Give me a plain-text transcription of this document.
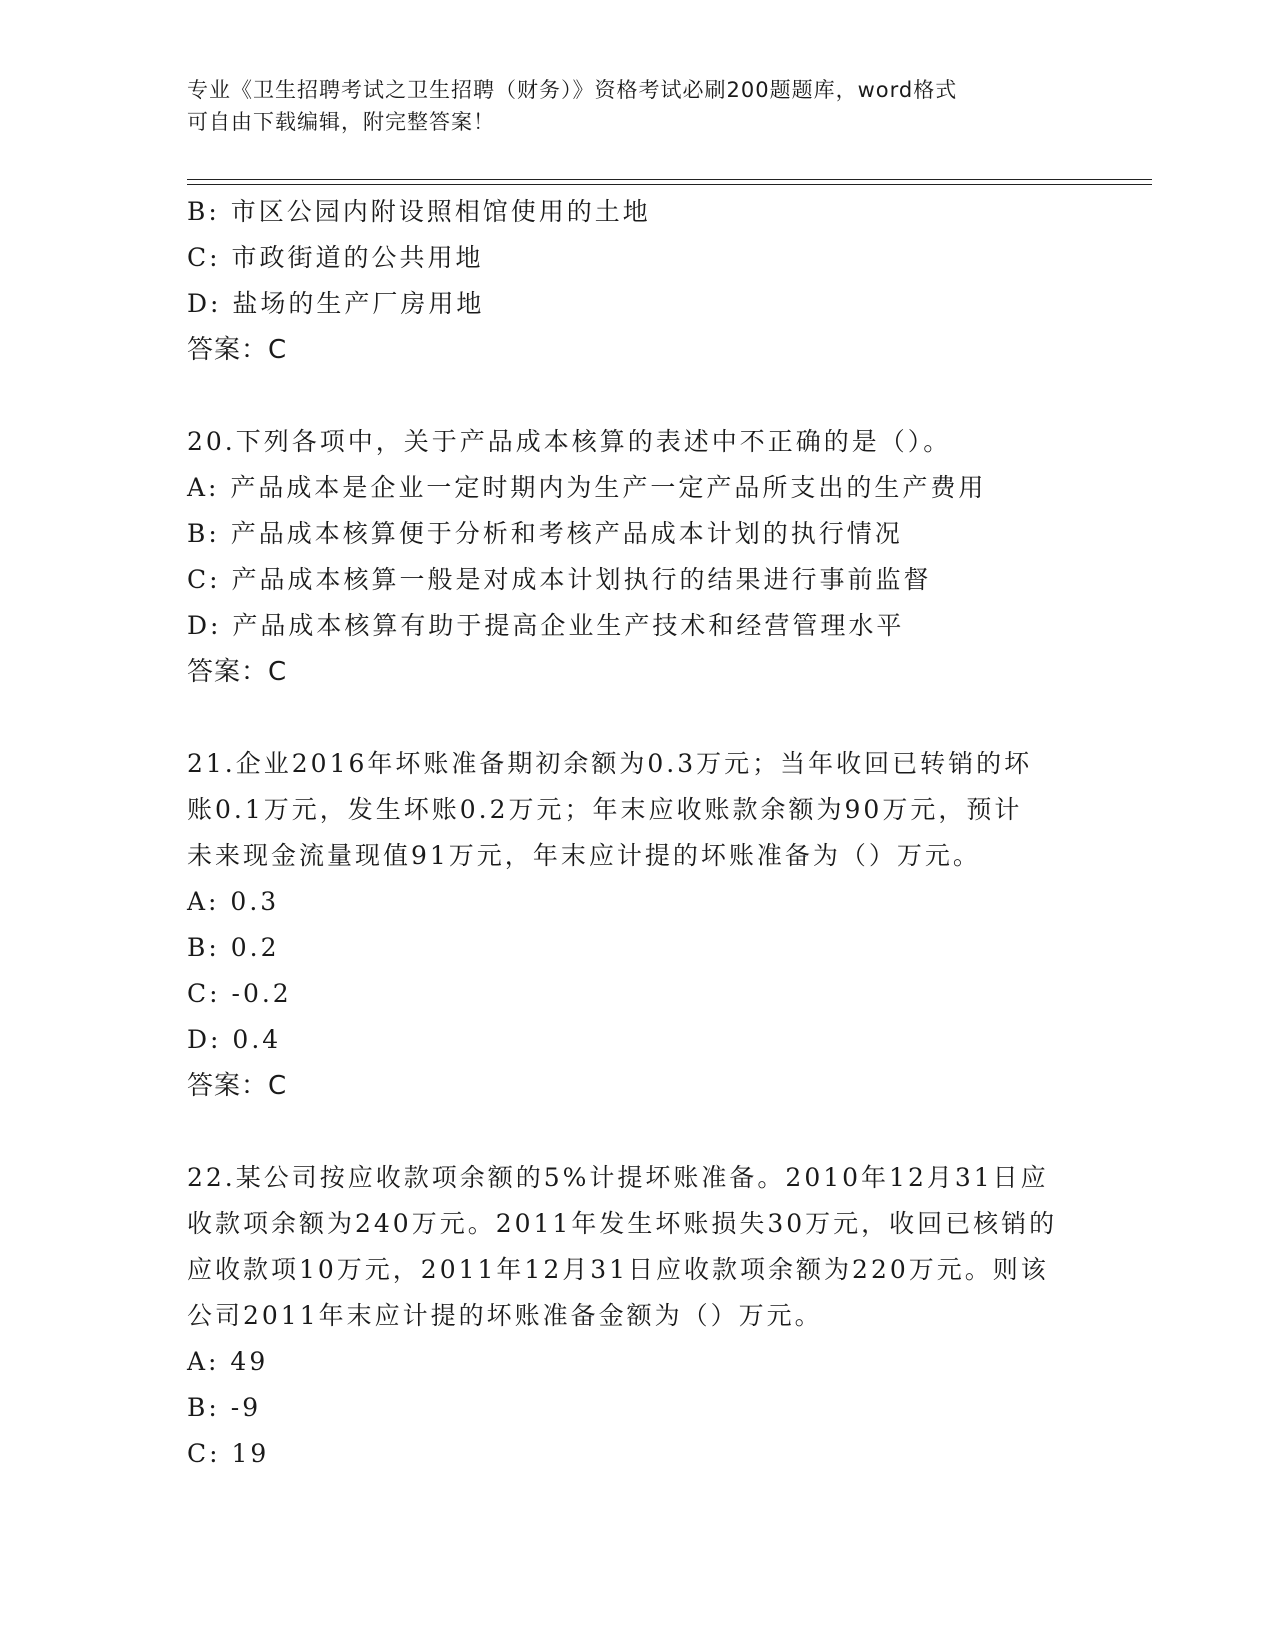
专业《卫生招聘考试之卫生招聘（财务）》资格考试必刷200题题库，word格式
可自由下载编辑，附完整答案！
B: 市区公园内附设照相馆使用的土地
C: 市政街道的公共用地
D: 盐场的生产厂房用地
答案：C
20.下列各项中，关于产品成本核算的表述中不正确的是（）。
A: 产品成本是企业一定时期内为生产一定产品所支出的生产费用
B: 产品成本核算便于分析和考核产品成本计划的执行情况
C: 产品成本核算一般是对成本计划执行的结果进行事前监督
D: 产品成本核算有助于提高企业生产技术和经营管理水平
答案：C
21.企业2016年坏账准备期初余额为0.3万元；当年收回已转销的坏
账0.1万元，发生坏账0.2万元；年末应收账款余额为90万元，预计
未来现金流量现值91万元，年末应计提的坏账准备为（）万元。
A: 0.3
B: 0.2
C: -0.2
D: 0.4
答案：C
22.某公司按应收款项余额的5%计提坏账准备。2010年12月31日应
收款项余额为240万元。2011年发生坏账损失30万元，收回已核销的
应收款项10万元，2011年12月31日应收款项余额为220万元。则该
公司2011年末应计提的坏账准备金额为（）万元。
A: 49
B: -9
C: 19
